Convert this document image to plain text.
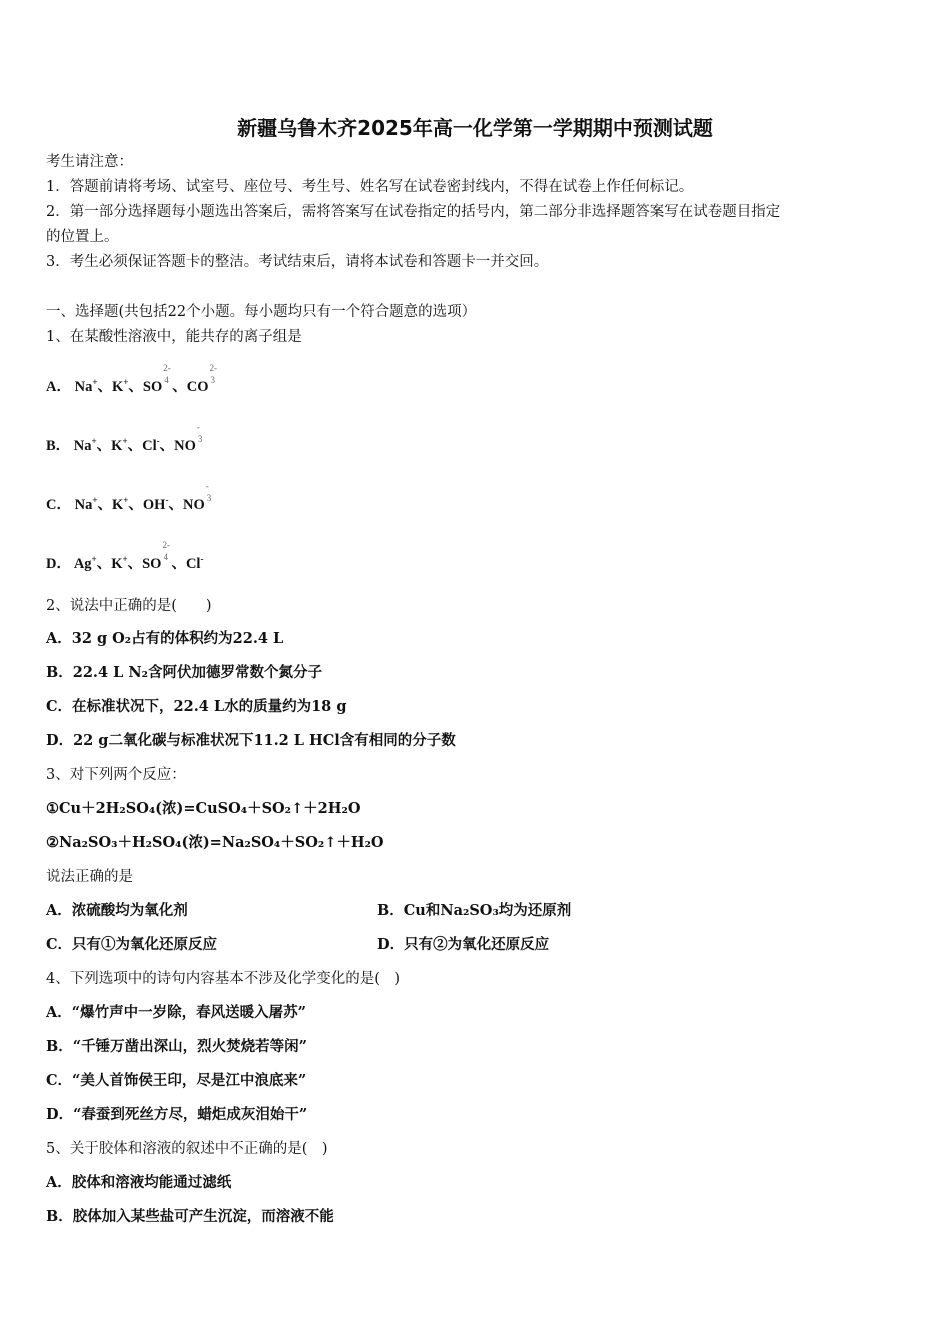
新疆乌鲁木齐2025年高一化学第一学期期中预测试题
考生请注意：
1．答题前请将考场、试室号、座位号、考生号、姓名写在试卷密封线内，不得在试卷上作任何标记。
2．第一部分选择题每小题选出答案后，需将答案写在试卷指定的括号内，第二部分非选择题答案写在试卷题目指定
的位置上。
3．考生必须保证答题卡的整洁。考试结束后，请将本试卷和答题卡一并交回。
一、选择题(共包括22个小题。每小题均只有一个符合题意的选项）
1、在某酸性溶液中，能共存的离子组是
A． Na+、K+、SO
2-
4 、CO
2-
3
B． Na+、K+、Cl-、NO
-
3
C． Na+、K+、OH-、NO
-
3
D． Ag+、K+、SO
2-
4 、Cl-
2、说法中正确的是(　　)
A．32 g O₂占有的体积约为22.4 L
B．22.4 L N₂含阿伏加德罗常数个氮分子
C．在标准状况下，22.4 L水的质量约为18 g
D．22 g二氧化碳与标准状况下11.2 L HCl含有相同的分子数
3、对下列两个反应：
①Cu＋2H₂SO₄(浓)=CuSO₄＋SO₂↑＋2H₂O
②Na₂SO₃＋H₂SO₄(浓)=Na₂SO₄＋SO₂↑＋H₂O
说法正确的是
A．浓硫酸均为氧化剂	B．Cu和Na₂SO₃均为还原剂
C．只有①为氧化还原反应	D．只有②为氧化还原反应
4、下列选项中的诗句内容基本不涉及化学变化的是(　)
A．“爆竹声中一岁除，春风送暖入屠苏”
B．“千锤万凿出深山，烈火焚烧若等闲”
C．“美人首饰侯王印，尽是江中浪底来”
D．“春蚕到死丝方尽，蜡炬成灰泪始干”
5、关于胶体和溶液的叙述中不正确的是(　)
A．胶体和溶液均能通过滤纸
B．胶体加入某些盐可产生沉淀，而溶液不能
